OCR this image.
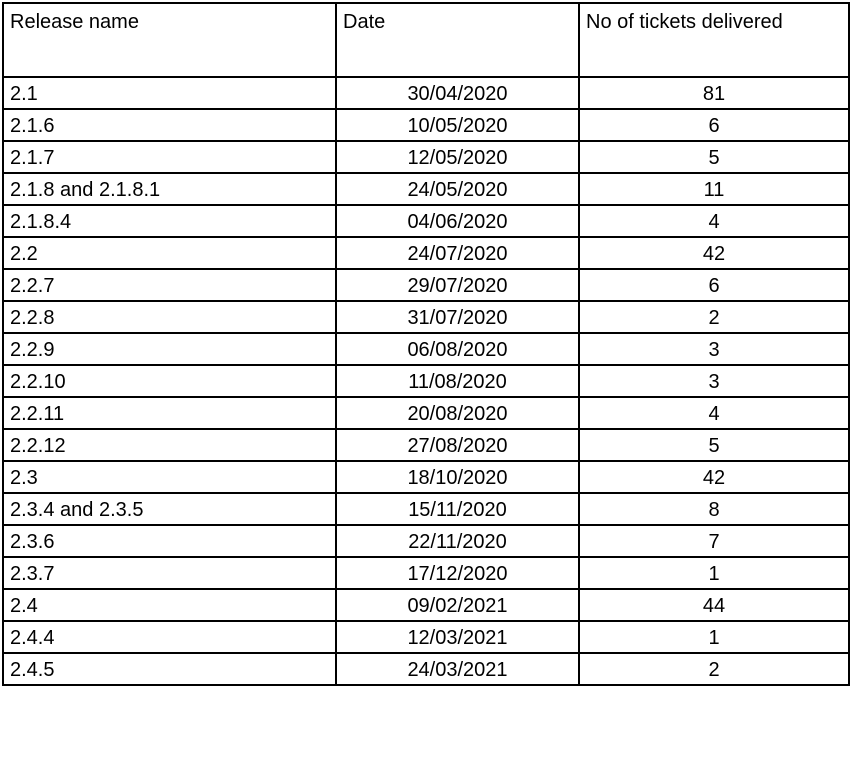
Release name	Date	No of tickets delivered
2.1	30/04/2020	81
2.1.6	10/05/2020	6
2.1.7	12/05/2020	5
2.1.8 and 2.1.8.1	24/05/2020	11
2.1.8.4	04/06/2020	4
2.2	24/07/2020	42
2.2.7	29/07/2020	6
2.2.8	31/07/2020	2
2.2.9	06/08/2020	3
2.2.10	11/08/2020	3
2.2.11	20/08/2020	4
2.2.12	27/08/2020	5
2.3	18/10/2020	42
2.3.4 and 2.3.5	15/11/2020	8
2.3.6	22/11/2020	7
2.3.7	17/12/2020	1
2.4	09/02/2021	44
2.4.4	12/03/2021	1
2.4.5	24/03/2021	2
